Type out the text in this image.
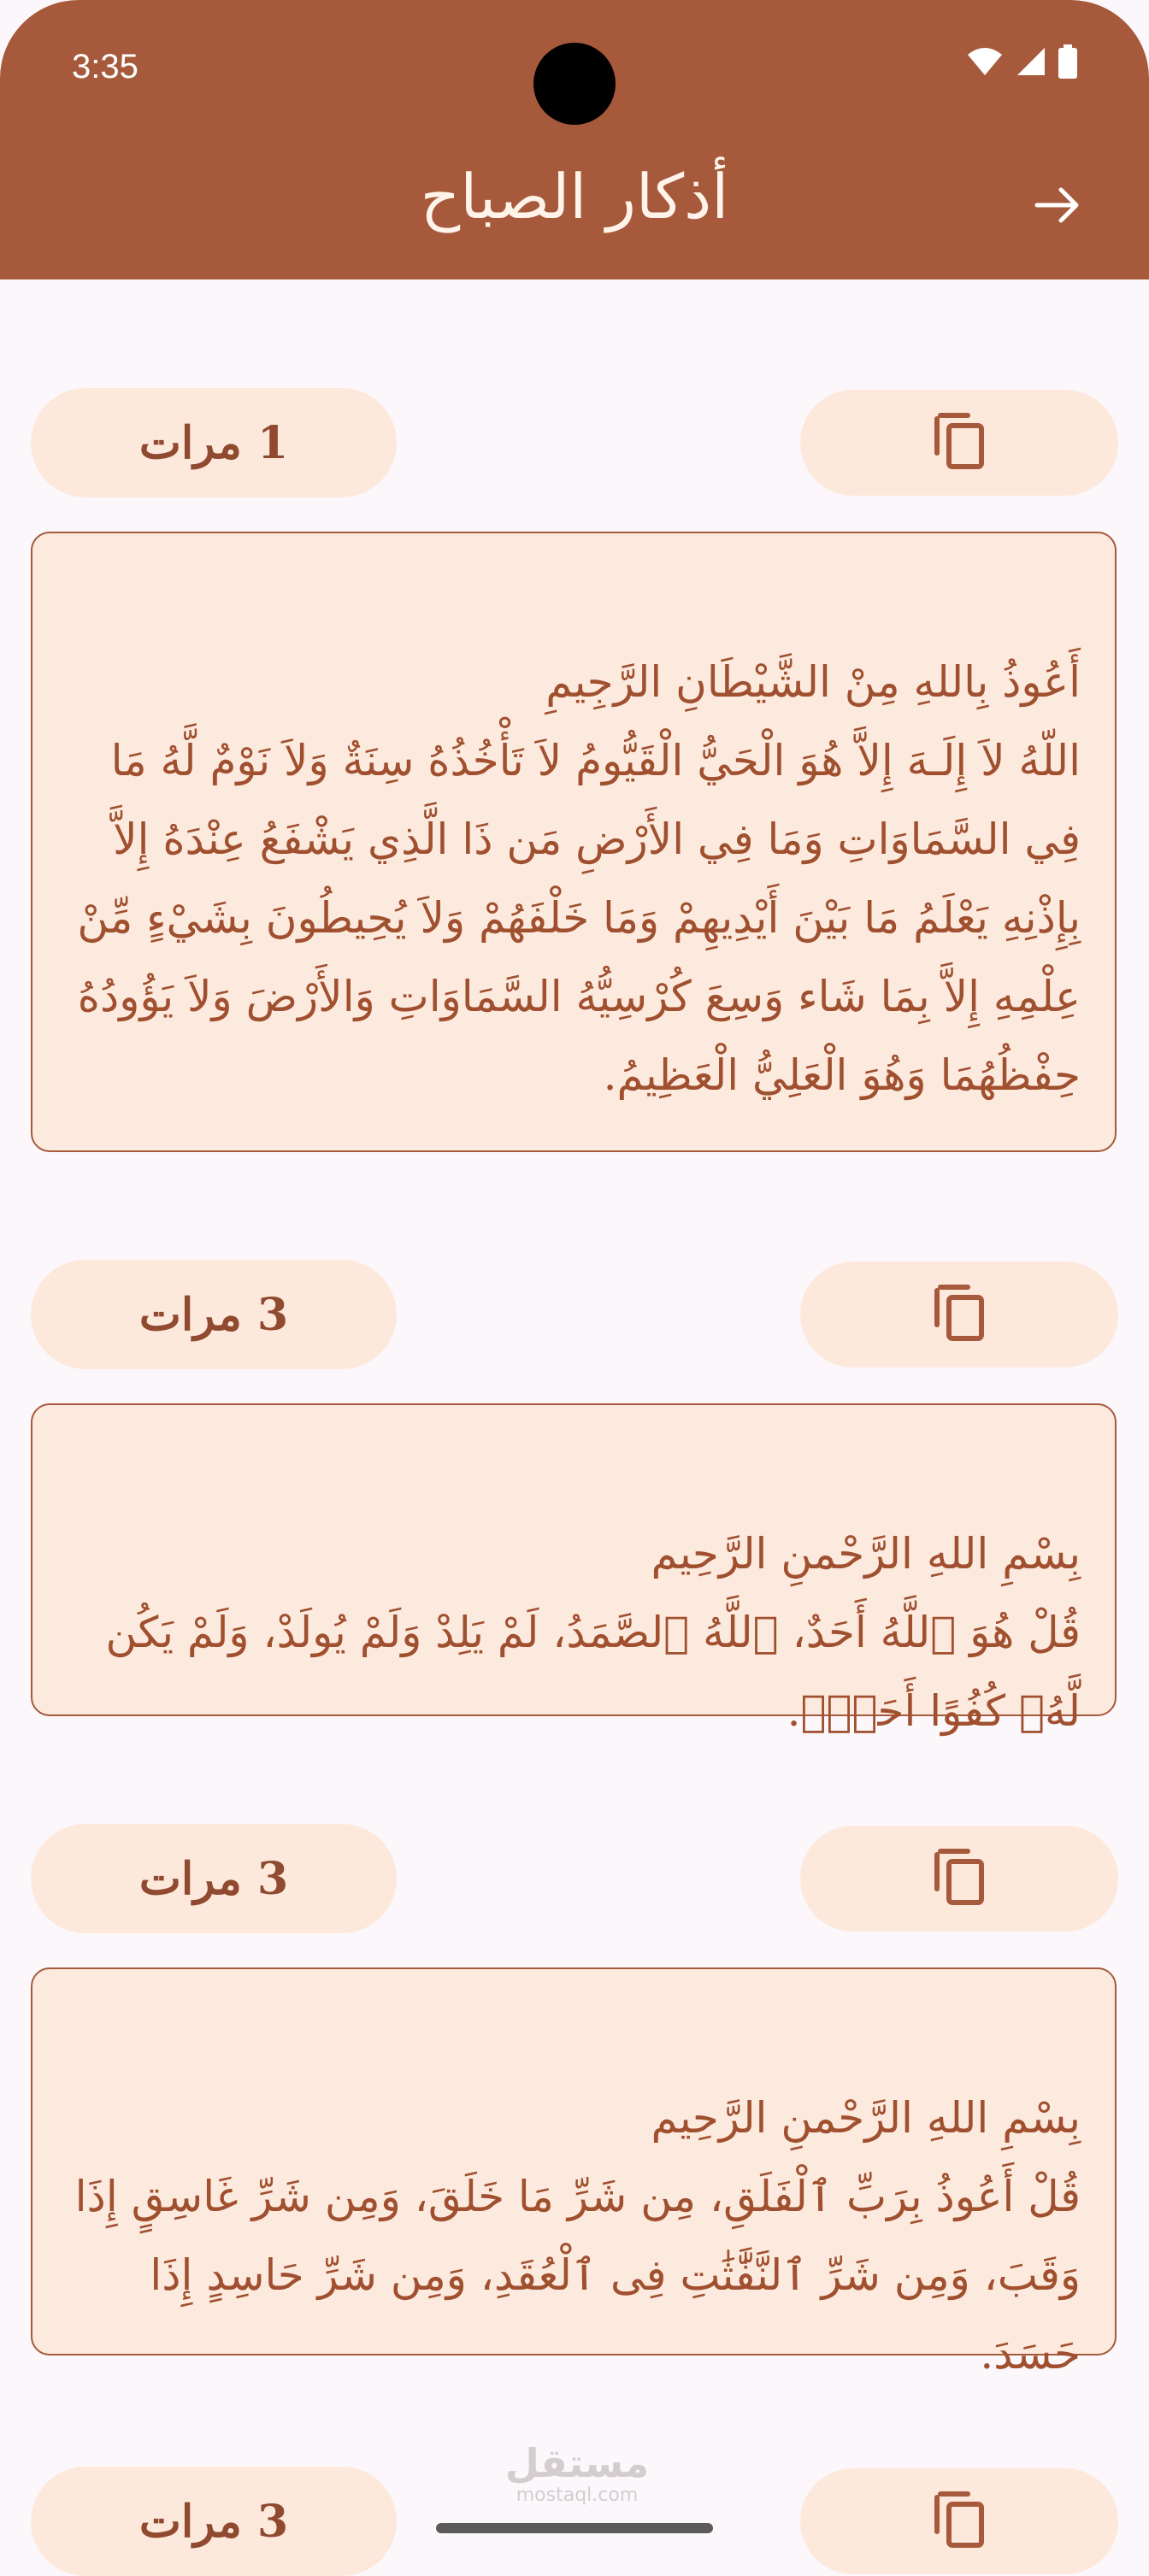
3:35
أذكار الصباح
1 مرات

أَعُوذُ بِاللهِ مِنْ الشَّيْطَانِ الرَّجِيمِ
اللّهُ لاَ إِلَـهَ إِلاَّ هُوَ الْحَيُّ الْقَيُّومُ لاَ تَأْخُذُهُ سِنَةٌ وَلاَ نَوْمٌ لَّهُ مَا فِي السَّمَاوَاتِ وَمَا فِي الأَرْضِ مَن ذَا الَّذِي يَشْفَعُ عِنْدَهُ إِلاَّ بِإِذْنِهِ يَعْلَمُ مَا بَيْنَ أَيْدِيهِمْ وَمَا خَلْفَهُمْ وَلاَ يُحِيطُونَ بِشَيْءٍ مِّنْ عِلْمِهِ إِلاَّ بِمَا شَاء وَسِعَ كُرْسِيُّهُ السَّمَاوَاتِ وَالأَرْضَ وَلاَ يَؤُودُهُ حِفْظُهُمَا وَهُوَ الْعَلِيُّ الْعَظِيمُ.

3 مرات

بِسْمِ اللهِ الرَّحْمنِ الرَّحِيم
قُلْ هُوَ ٱللَّهُ أَحَدٌ، ٱللَّهُ ٱلصَّمَدُ، لَمْ يَلِدْ وَلَمْ يُولَدْ، وَلَمْ يَكُن لَّهُۥ كُفُوًا أَحَدٌۢ.

3 مرات

بِسْمِ اللهِ الرَّحْمنِ الرَّحِيم
قُلْ أَعُوذُ بِرَبِّ ٱلْفَلَقِ، مِن شَرِّ مَا خَلَقَ، وَمِن شَرِّ غَاسِقٍ إِذَا وَقَبَ، وَمِن شَرِّ ٱلنَّفَّٰثَٰتِ فِى ٱلْعُقَدِ، وَمِن شَرِّ حَاسِدٍ إِذَا حَسَدَ.

3 مرات
مستقل
mostaql.com
